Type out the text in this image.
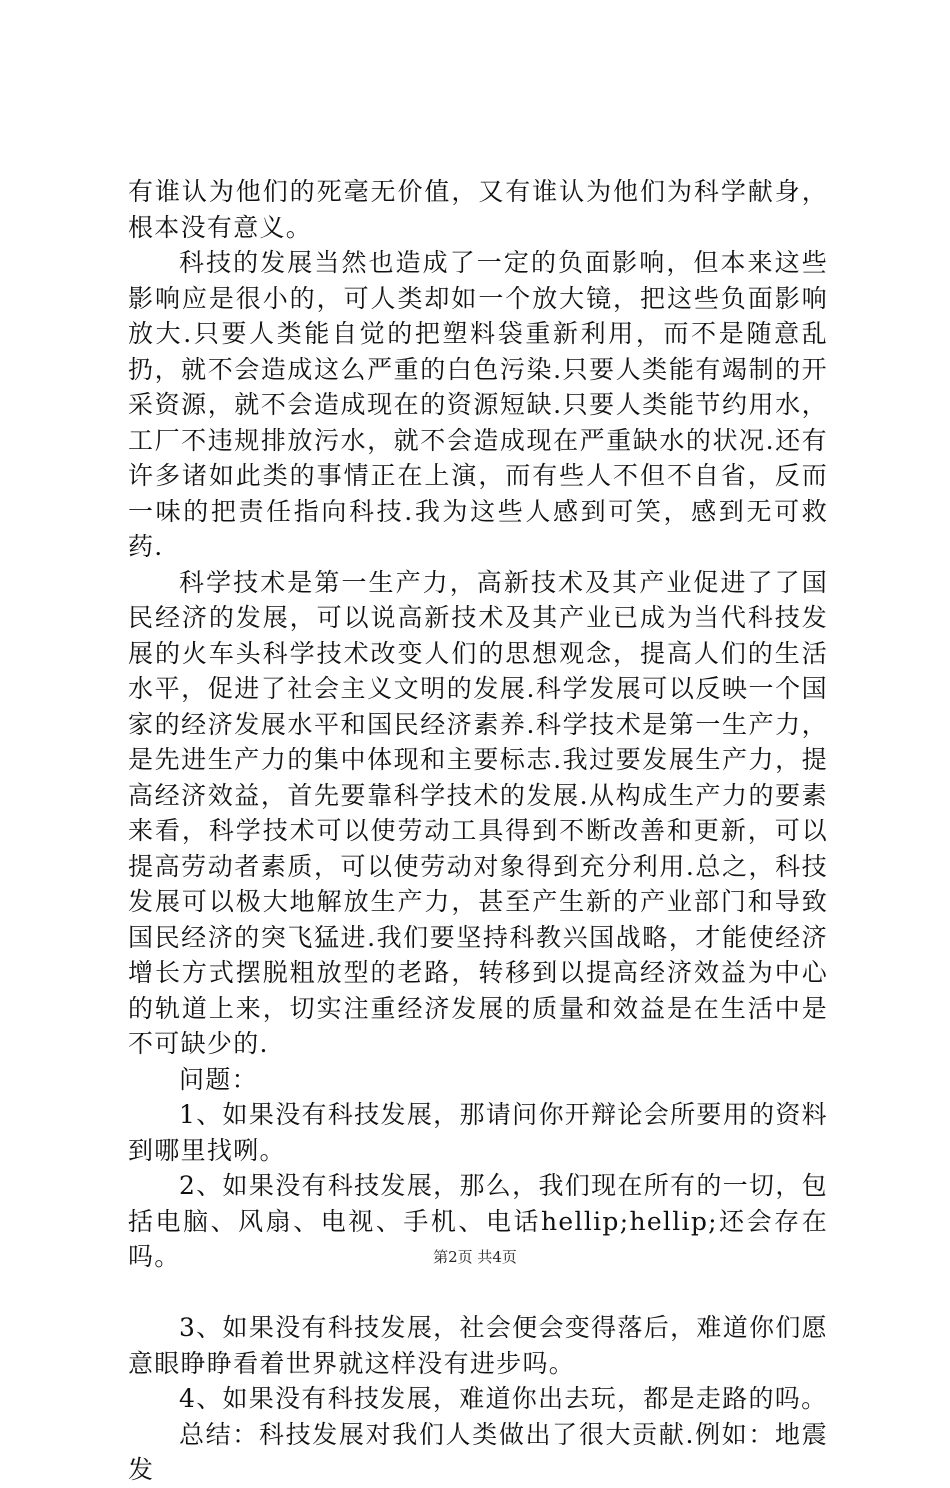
有谁认为他们的死毫无价值，又有谁认为他们为科学献身，根本没有意义。

科技的发展当然也造成了一定的负面影响，但本来这些影响应是很小的，可人类却如一个放大镜，把这些负面影响放大.只要人类能自觉的把塑料袋重新利用，而不是随意乱扔，就不会造成这么严重的白色污染.只要人类能有竭制的开采资源，就不会造成现在的资源短缺.只要人类能节约用水，工厂不违规排放污水，就不会造成现在严重缺水的状况.还有许多诸如此类的事情正在上演，而有些人不但不自省，反而一味的把责任指向科技.我为这些人感到可笑，感到无可救药.

科学技术是第一生产力，高新技术及其产业促进了了国民经济的发展，可以说高新技术及其产业已成为当代科技发展的火车头科学技术改变人们的思想观念，提高人们的生活水平，促进了社会主义文明的发展.科学发展可以反映一个国家的经济发展水平和国民经济素养.科学技术是第一生产力，是先进生产力的集中体现和主要标志.我过要发展生产力，提高经济效益，首先要靠科学技术的发展.从构成生产力的要素来看，科学技术可以使劳动工具得到不断改善和更新，可以提高劳动者素质，可以使劳动对象得到充分利用.总之，科技发展可以极大地解放生产力，甚至产生新的产业部门和导致国民经济的突飞猛进.我们要坚持科教兴国战略，才能使经济增长方式摆脱粗放型的老路，转移到以提高经济效益为中心的轨道上来，切实注重经济发展的质量和效益是在生活中是不可缺少的.

问题：

1、如果没有科技发展，那请问你开辩论会所要用的资料到哪里找咧。

2、如果没有科技发展，那么，我们现在所有的一切，包括电脑、风扇、电视、手机、电话hellip;hellip;还会存在吗。

3、如果没有科技发展，社会便会变得落后，难道你们愿意眼睁睁看着世界就这样没有进步吗。

4、如果没有科技发展，难道你出去玩，都是走路的吗。

总结：科技发展对我们人类做出了很大贡献.例如：地震发

第2页 共4页
